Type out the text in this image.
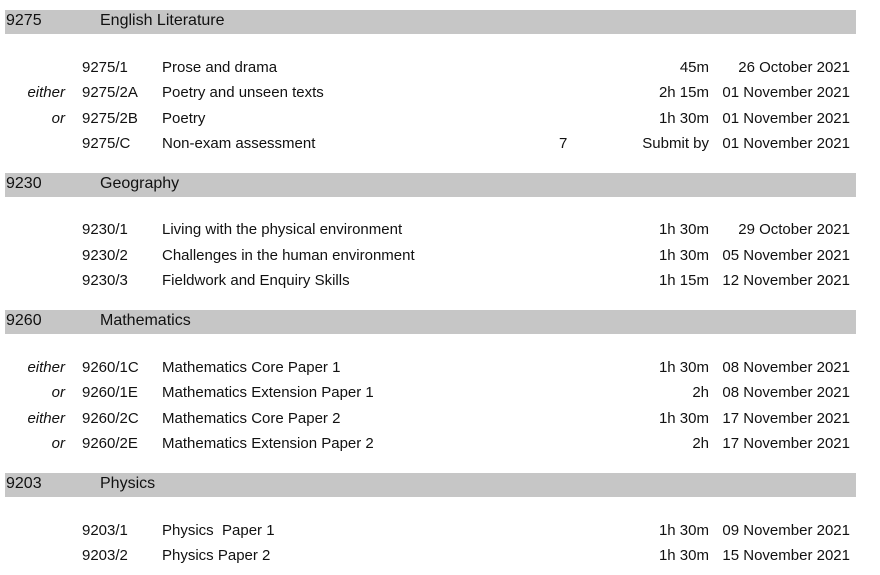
9275	English Literature
9275/1 Prose and drama	45m 26 October 2021
either 9275/2A Poetry and unseen texts	2h 15m 01 November 2021
or 9275/2B Poetry	1h 30m 01 November 2021
9275/C Non-exam assessment	7	Submit by 01 November 2021
9230	Geography
9230/1 Living with the physical environment	1h 30m 29 October 2021
9230/2 Challenges in the human environment	1h 30m 05 November 2021
9230/3 Fieldwork and Enquiry Skills	1h 15m 12 November 2021
9260	Mathematics
either 9260/1C Mathematics Core Paper 1	1h 30m 08 November 2021
or 9260/1E Mathematics Extension Paper 1	2h 08 November 2021
either 9260/2C Mathematics Core Paper 2	1h 30m 17 November 2021
or 9260/2E Mathematics Extension Paper 2	2h 17 November 2021
9203	Physics
9203/1 Physics  Paper 1	1h 30m 09 November 2021
9203/2 Physics Paper 2	1h 30m 15 November 2021
